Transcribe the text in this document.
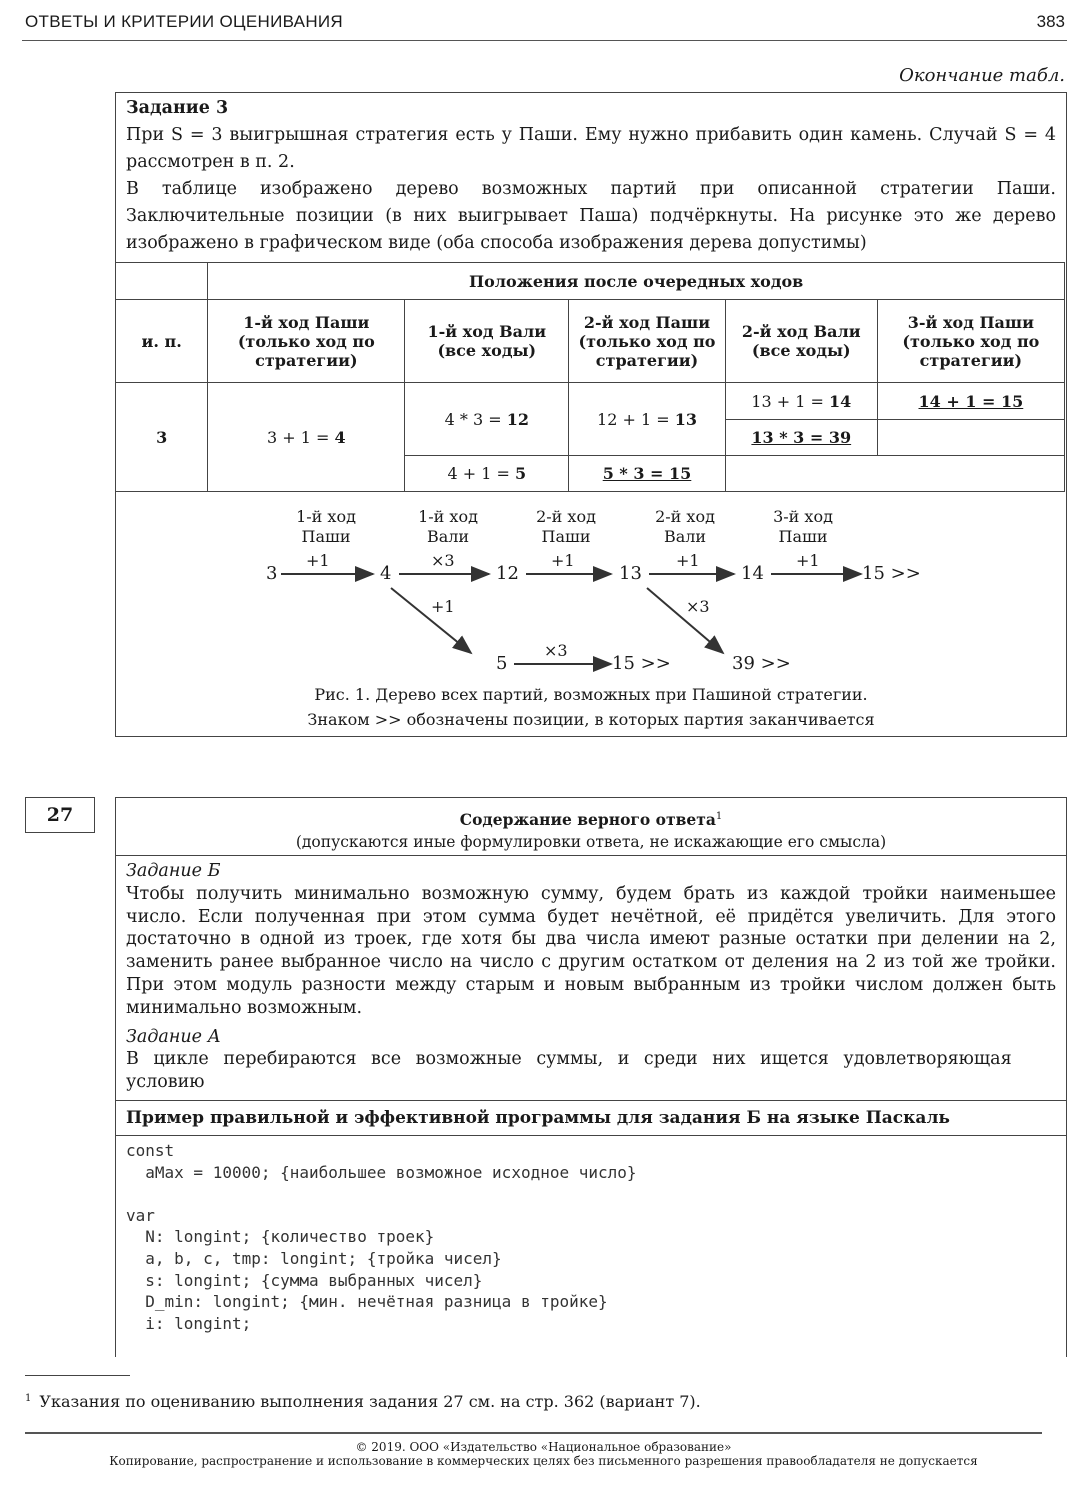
ОТВЕТЫ И КРИТЕРИИ ОЦЕНИВАНИЯ	383
Окончание табл.
Задание 3
При S = 3 выигрышная стратегия есть у Паши. Ему нужно прибавить один камень. Случай S = 4 рассмотрен в п. 2.
В таблице изображено дерево возможных партий при описанной стратегии Паши. Заключительные позиции (в них выигрывает Паша) подчёркнуты. На рисунке это же дерево изображено в графическом виде (оба способа изображения дерева допустимы)
	Положения после очередных ходов				
и. п.	1-й ход Паши (только ход по стратегии)	1-й ход Вали (все ходы)	2-й ход Паши (только ход по стратегии)	2-й ход Вали (все ходы)	3-й ход Паши (только ход по стратегии)
3	3 + 1 = 4	4 * 3 = 12	12 + 1 = 13	13 + 1 = 14	14 + 1 = 15
				13 * 3 = 39	
		4 + 1 = 5	5 * 3 = 15		
1-й ход Паши
1-й ход Вали
2-й ход Паши
2-й ход Вали
3-й ход Паши
3	4	12	13	14	15 >>
5	15 >>	39 >>
+1	×3	+1	+1	+1
+1	×3
×3
Рис. 1. Дерево всех партий, возможных при Пашиной стратегии.
Знаком >> обозначены позиции, в которых партия заканчивается
27	Содержание верного ответа$^1$
(допускаются иные формулировки ответа, не искажающие его смысла)
Задание Б
Чтобы получить минимально возможную сумму, будем брать из каждой тройки наименьшее число. Если полученная при этом сумма будет нечётной, её придётся увеличить. Для этого достаточно в одной из троек, где хотя бы два числа имеют разные остатки при делении на 2, заменить ранее выбранное число на число с другим остатком от деления на 2 из той же тройки. При этом модуль разности между старым и новым выбранным из тройки числом должен быть минимально возможным.
Задание А
В цикле перебираются все возможные суммы, и среди них ищется удовлетворяющая условию
Пример правильной и эффективной программы для задания Б на языке Паскаль
const
aMax = 10000; {наибольшее возможное исходное число}

var
N: longint; {количество троек}
a, b, c, tmp: longint; {тройка чисел}
s: longint; {сумма выбранных чисел}
D_min: longint; {мин. нечётная разница в тройке}
i: longint;
$^1$ Указания по оцениванию выполнения задания 27 см. на стр. 362 (вариант 7).
© 2019. ООО «Издательство «Национальное образование»
Копирование, распространение и использование в коммерческих целях без письменного разрешения правообладателя не допускается
